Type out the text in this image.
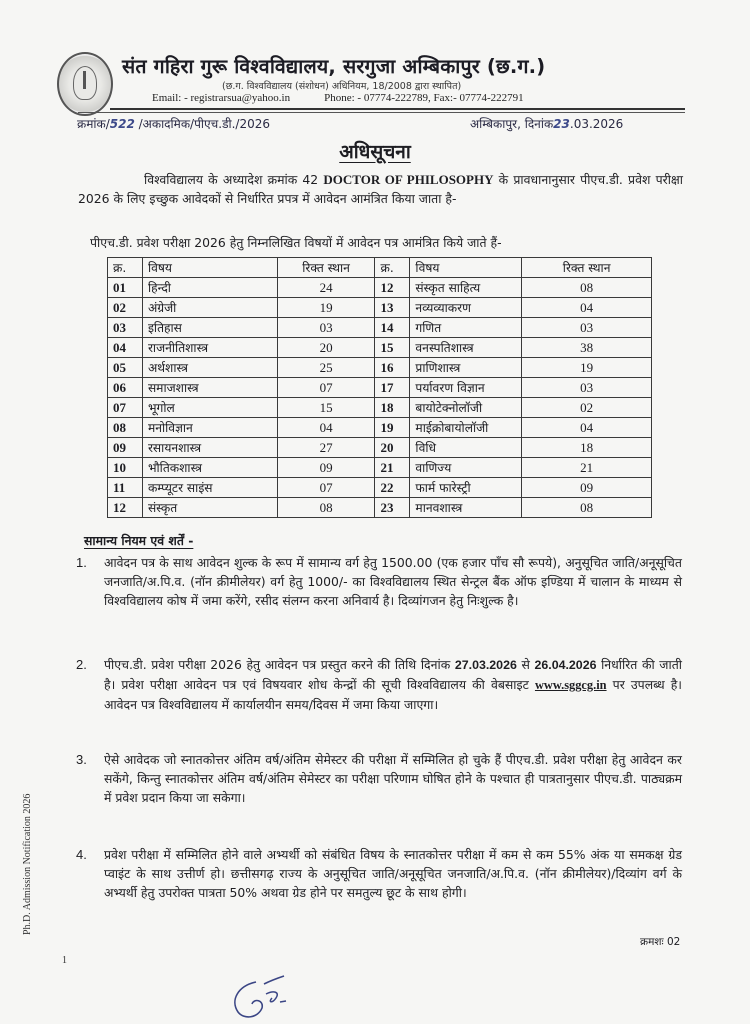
संत गहिरा गुरू विश्वविद्यालय, सरगुजा अम्बिकापुर (छ.ग.)
(छ.ग. विश्वविद्यालय (संशोधन) अधिनियम, 18/2008 द्वारा स्थापित)
Email: - registrarsua@yahoo.in	Phone: - 07774-222789, Fax:- 07774-222791
क्रमांक/522 /अकादमिक/पीएच.डी./2026	अम्बिकापुर, दिनांक23.03.2026
अधिसूचना
विश्वविद्यालय के अध्यादेश क्रमांक 42 DOCTOR OF PHILOSOPHY के प्रावधानानुसार पीएच.डी. प्रवेश परीक्षा 2026 के लिए इच्छुक आवेदकों से निर्धारित प्रपत्र में आवेदन आमंत्रित किया जाता है-
पीएच.डी. प्रवेश परीक्षा 2026 हेतु निम्नलिखित विषयों में आवेदन पत्र आमंत्रित किये जाते हैं-
क्र.	विषय	रिक्त स्थान	क्र.	विषय	रिक्त स्थान
01	हिन्दी	24	12	संस्कृत साहित्य	08
02	अंग्रेजी	19	13	नव्यव्याकरण	04
03	इतिहास	03	14	गणित	03
04	राजनीतिशास्त्र	20	15	वनस्पतिशास्त्र	38
05	अर्थशास्त्र	25	16	प्राणिशास्त्र	19
06	समाजशास्त्र	07	17	पर्यावरण विज्ञान	03
07	भूगोल	15	18	बायोटेक्नोलॉजी	02
08	मनोविज्ञान	04	19	माईक्रोबायोलॉजी	04
09	रसायनशास्त्र	27	20	विधि	18
10	भौतिकशास्त्र	09	21	वाणिज्य	21
11	कम्प्यूटर साइंस	07	22	फार्म फारेस्ट्री	09
12	संस्कृत	08	23	मानवशास्त्र	08
सामान्य नियम एवं शर्तें -
1.	आवेदन पत्र के साथ आवेदन शुल्क के रूप में सामान्य वर्ग हेतु 1500.00 (एक हजार पाँच सौ रूपये), अनुसूचित जाति/अनूसूचित जनजाति/अ.पि.व. (नॉन क्रीमीलेयर) वर्ग हेतु 1000/- का विश्वविद्यालय स्थित सेन्ट्रल बैंक ऑफ इण्डिया में चालान के माध्यम से विश्वविद्यालय कोष में जमा करेंगे, रसीद संलग्न करना अनिवार्य है। दिव्यांगजन हेतु निःशुल्क है।
2.	पीएच.डी. प्रवेश परीक्षा 2026 हेतु आवेदन पत्र प्रस्तुत करने की तिथि दिनांक 27.03.2026 से 26.04.2026 निर्धारित की जाती है। प्रवेश परीक्षा आवेदन पत्र एवं विषयवार शोध केन्द्रों की सूची विश्वविद्यालय की वेबसाइट www.sggcg.in पर उपलब्ध है। आवेदन पत्र विश्वविद्यालय में कार्यालयीन समय/दिवस में जमा किया जाएगा।
3.	ऐसे आवेदक जो स्नातकोत्तर अंतिम वर्ष/अंतिम सेमेस्टर की परीक्षा में सम्मिलित हो चुके हैं पीएच.डी. प्रवेश परीक्षा हेतु आवेदन कर सकेंगे, किन्तु स्नातकोत्तर अंतिम वर्ष/अंतिम सेमेस्टर का परीक्षा परिणाम घोषित होने के पश्चात ही पात्रतानुसार पीएच.डी. पाठ्यक्रम में प्रवेश प्रदान किया जा सकेगा।
4.	प्रवेश परीक्षा में सम्मिलित होने वाले अभ्यर्थी को संबंधित विषय के स्नातकोत्तर परीक्षा में कम से कम 55% अंक या समकक्ष ग्रेड प्वाइंट के साथ उत्तीर्ण हो। छत्तीसगढ़ राज्य के अनुसूचित जाति/अनूसूचित जनजाति/अ.पि.व. (नॉन क्रीमीलेयर)/दिव्यांग वर्ग के अभ्यर्थी हेतु उपरोक्त पात्रता 50% अथवा ग्रेड होने पर समतुल्य छूट के साथ होगी।
क्रमशः 02
Ph.D. Admission Notification 2026
1
